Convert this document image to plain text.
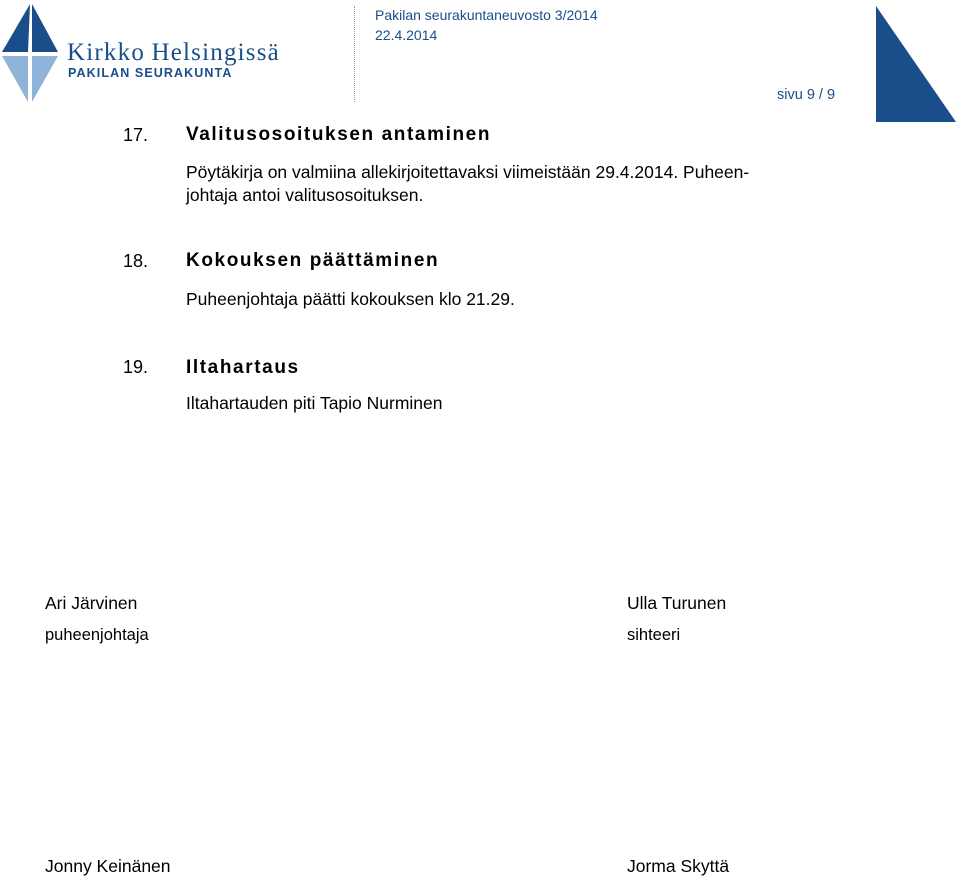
Kirkko Helsingissä
PAKILAN SEURAKUNTA
Pakilan seurakuntaneuvosto 3/2014
22.4.2014
sivu 9 / 9
17. Valitusosoituksen antaminen
Pöytäkirja on valmiina allekirjoitettavaksi viimeistään 29.4.2014. Puheen-
johtaja antoi valitusosoituksen.
18. Kokouksen päättäminen
Puheenjohtaja päätti kokouksen klo 21.29.
19. Iltahartaus
Iltahartauden piti Tapio Nurminen
Ari Järvinen
puheenjohtaja
Ulla Turunen
sihteeri
Jonny Keinänen	Jorma Skyttä
